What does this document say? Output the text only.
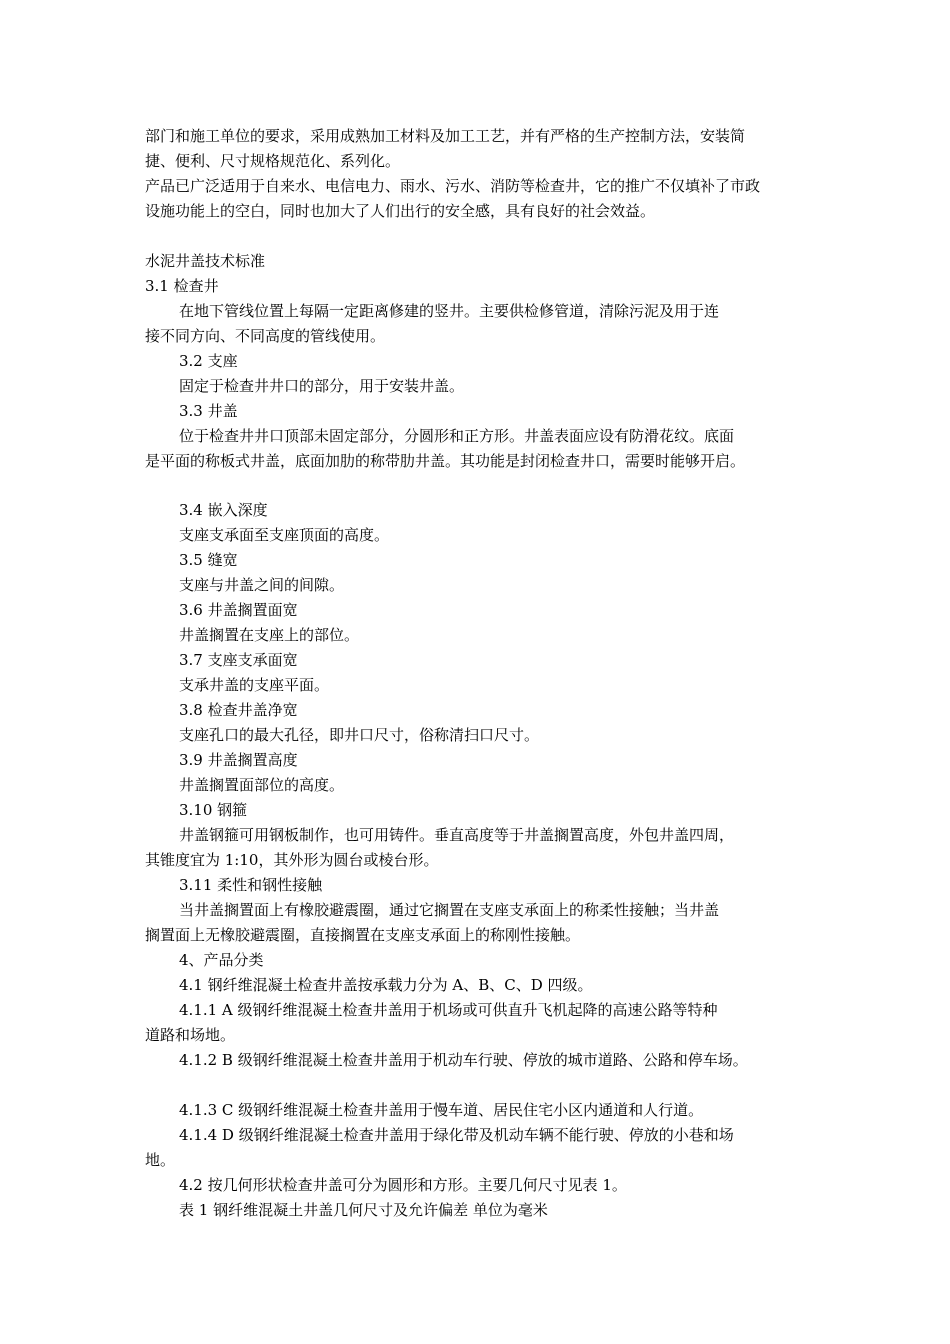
部门和施工单位的要求，采用成熟加工材料及加工工艺，并有严格的生产控制方法，安装简
捷、便利、尺寸规格规范化、系列化。
产品已广泛适用于自来水、电信电力、雨水、污水、消防等检查井，它的推广不仅填补了市政
设施功能上的空白，同时也加大了人们出行的安全感，具有良好的社会效益。
水泥井盖技术标准
3.1 检查井
在地下管线位置上每隔一定距离修建的竖井。主要供检修管道，清除污泥及用于连
接不同方向、不同高度的管线使用。
3.2 支座
固定于检查井井口的部分，用于安装井盖。
3.3 井盖
位于检查井井口顶部未固定部分，分圆形和正方形。井盖表面应设有防滑花纹。底面
是平面的称板式井盖，底面加肋的称带肋井盖。其功能是封闭检查井口，需要时能够开启。
3.4 嵌入深度
支座支承面至支座顶面的高度。
3.5 缝宽
支座与井盖之间的间隙。
3.6 井盖搁置面宽
井盖搁置在支座上的部位。
3.7 支座支承面宽
支承井盖的支座平面。
3.8 检查井盖净宽
支座孔口的最大孔径，即井口尺寸，俗称清扫口尺寸。
3.9 井盖搁置高度
井盖搁置面部位的高度。
3.10 钢箍
井盖钢箍可用钢板制作，也可用铸件。垂直高度等于井盖搁置高度，外包井盖四周，
其锥度宜为 1:10，其外形为圆台或棱台形。
3.11 柔性和钢性接触
当井盖搁置面上有橡胶避震圈，通过它搁置在支座支承面上的称柔性接触；当井盖
搁置面上无橡胶避震圈，直接搁置在支座支承面上的称刚性接触。
4、产品分类
4.1 钢纤维混凝土检查井盖按承载力分为 A、B、C、D 四级。
4.1.1 A 级钢纤维混凝土检查井盖用于机场或可供直升飞机起降的高速公路等特种
道路和场地。
4.1.2 B 级钢纤维混凝土检查井盖用于机动车行驶、停放的城市道路、公路和停车场。
4.1.3 C 级钢纤维混凝土检查井盖用于慢车道、居民住宅小区内通道和人行道。
4.1.4 D 级钢纤维混凝土检查井盖用于绿化带及机动车辆不能行驶、停放的小巷和场
地。
4.2 按几何形状检查井盖可分为圆形和方形。主要几何尺寸见表 1。
表 1 钢纤维混凝土井盖几何尺寸及允许偏差 单位为毫米
